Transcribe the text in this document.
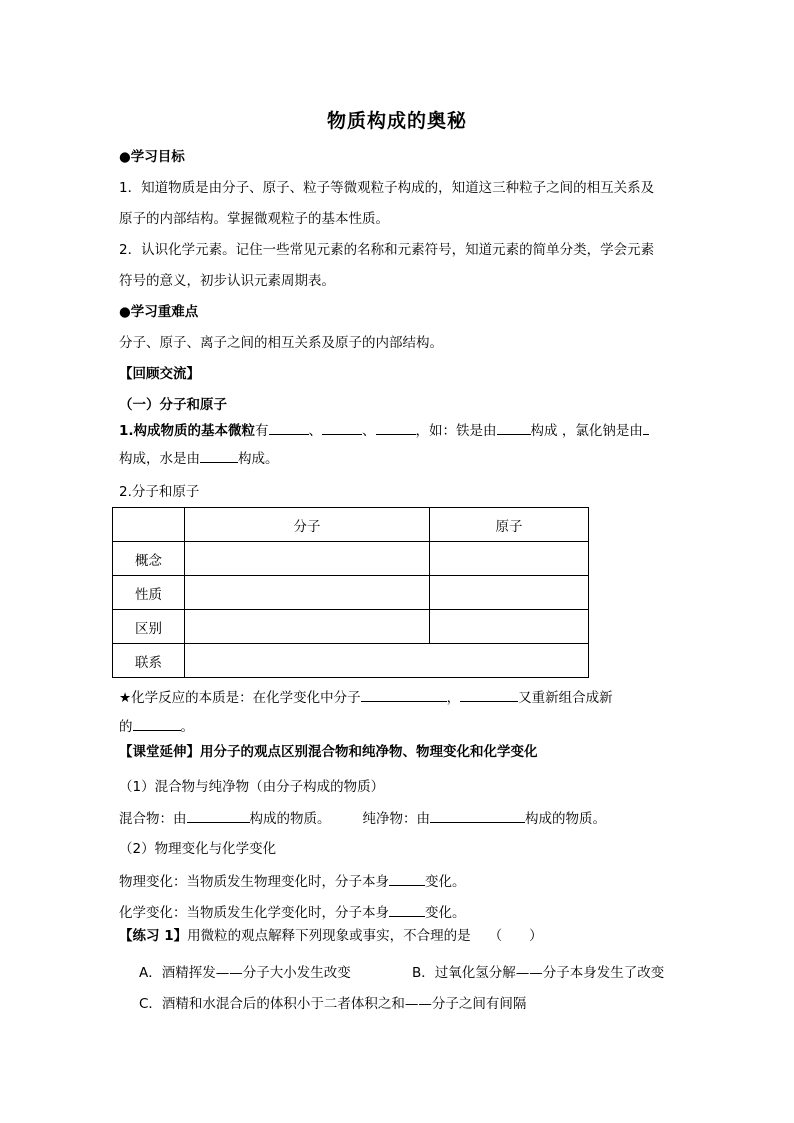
物质构成的奥秘
●学习目标
1．知道物质是由分子、原子、粒子等微观粒子构成的，知道这三种粒子之间的相互关系及
原子的内部结构。掌握微观粒子的基本性质。
2．认识化学元素。记住一些常见元素的名称和元素符号，知道元素的简单分类，学会元素
符号的意义，初步认识元素周期表。
●学习重难点
分子、原子、离子之间的相互关系及原子的内部结构。
【回顾交流】
（一）分子和原子
1.构成物质的基本微粒有	、	、	，如：铁是由	构成 ，氯化钠是由
构成，水是由	构成。
2.分子和原子
	分子	原子
概念		
性质		
区别		
联系		
★化学反应的本质是：在化学变化中分子	，	又重新组合成新
的	。
【课堂延伸】用分子的观点区别混合物和纯净物、物理变化和化学变化
（1）混合物与纯净物（由分子构成的物质）
混合物：由	构成的物质。 纯净物：由	构成的物质。
（2）物理变化与化学变化
物理变化：当物质发生物理变化时，分子本身	变化。
化学变化：当物质发生化学变化时，分子本身	变化。
【练习 1】用微粒的观点解释下列现象或事实，不合理的是 （　　）
A．酒精挥发——分子大小发生改变	B．过氧化氢分解——分子本身发生了改变
C．酒精和水混合后的体积小于二者体积之和——分子之间有间隔
